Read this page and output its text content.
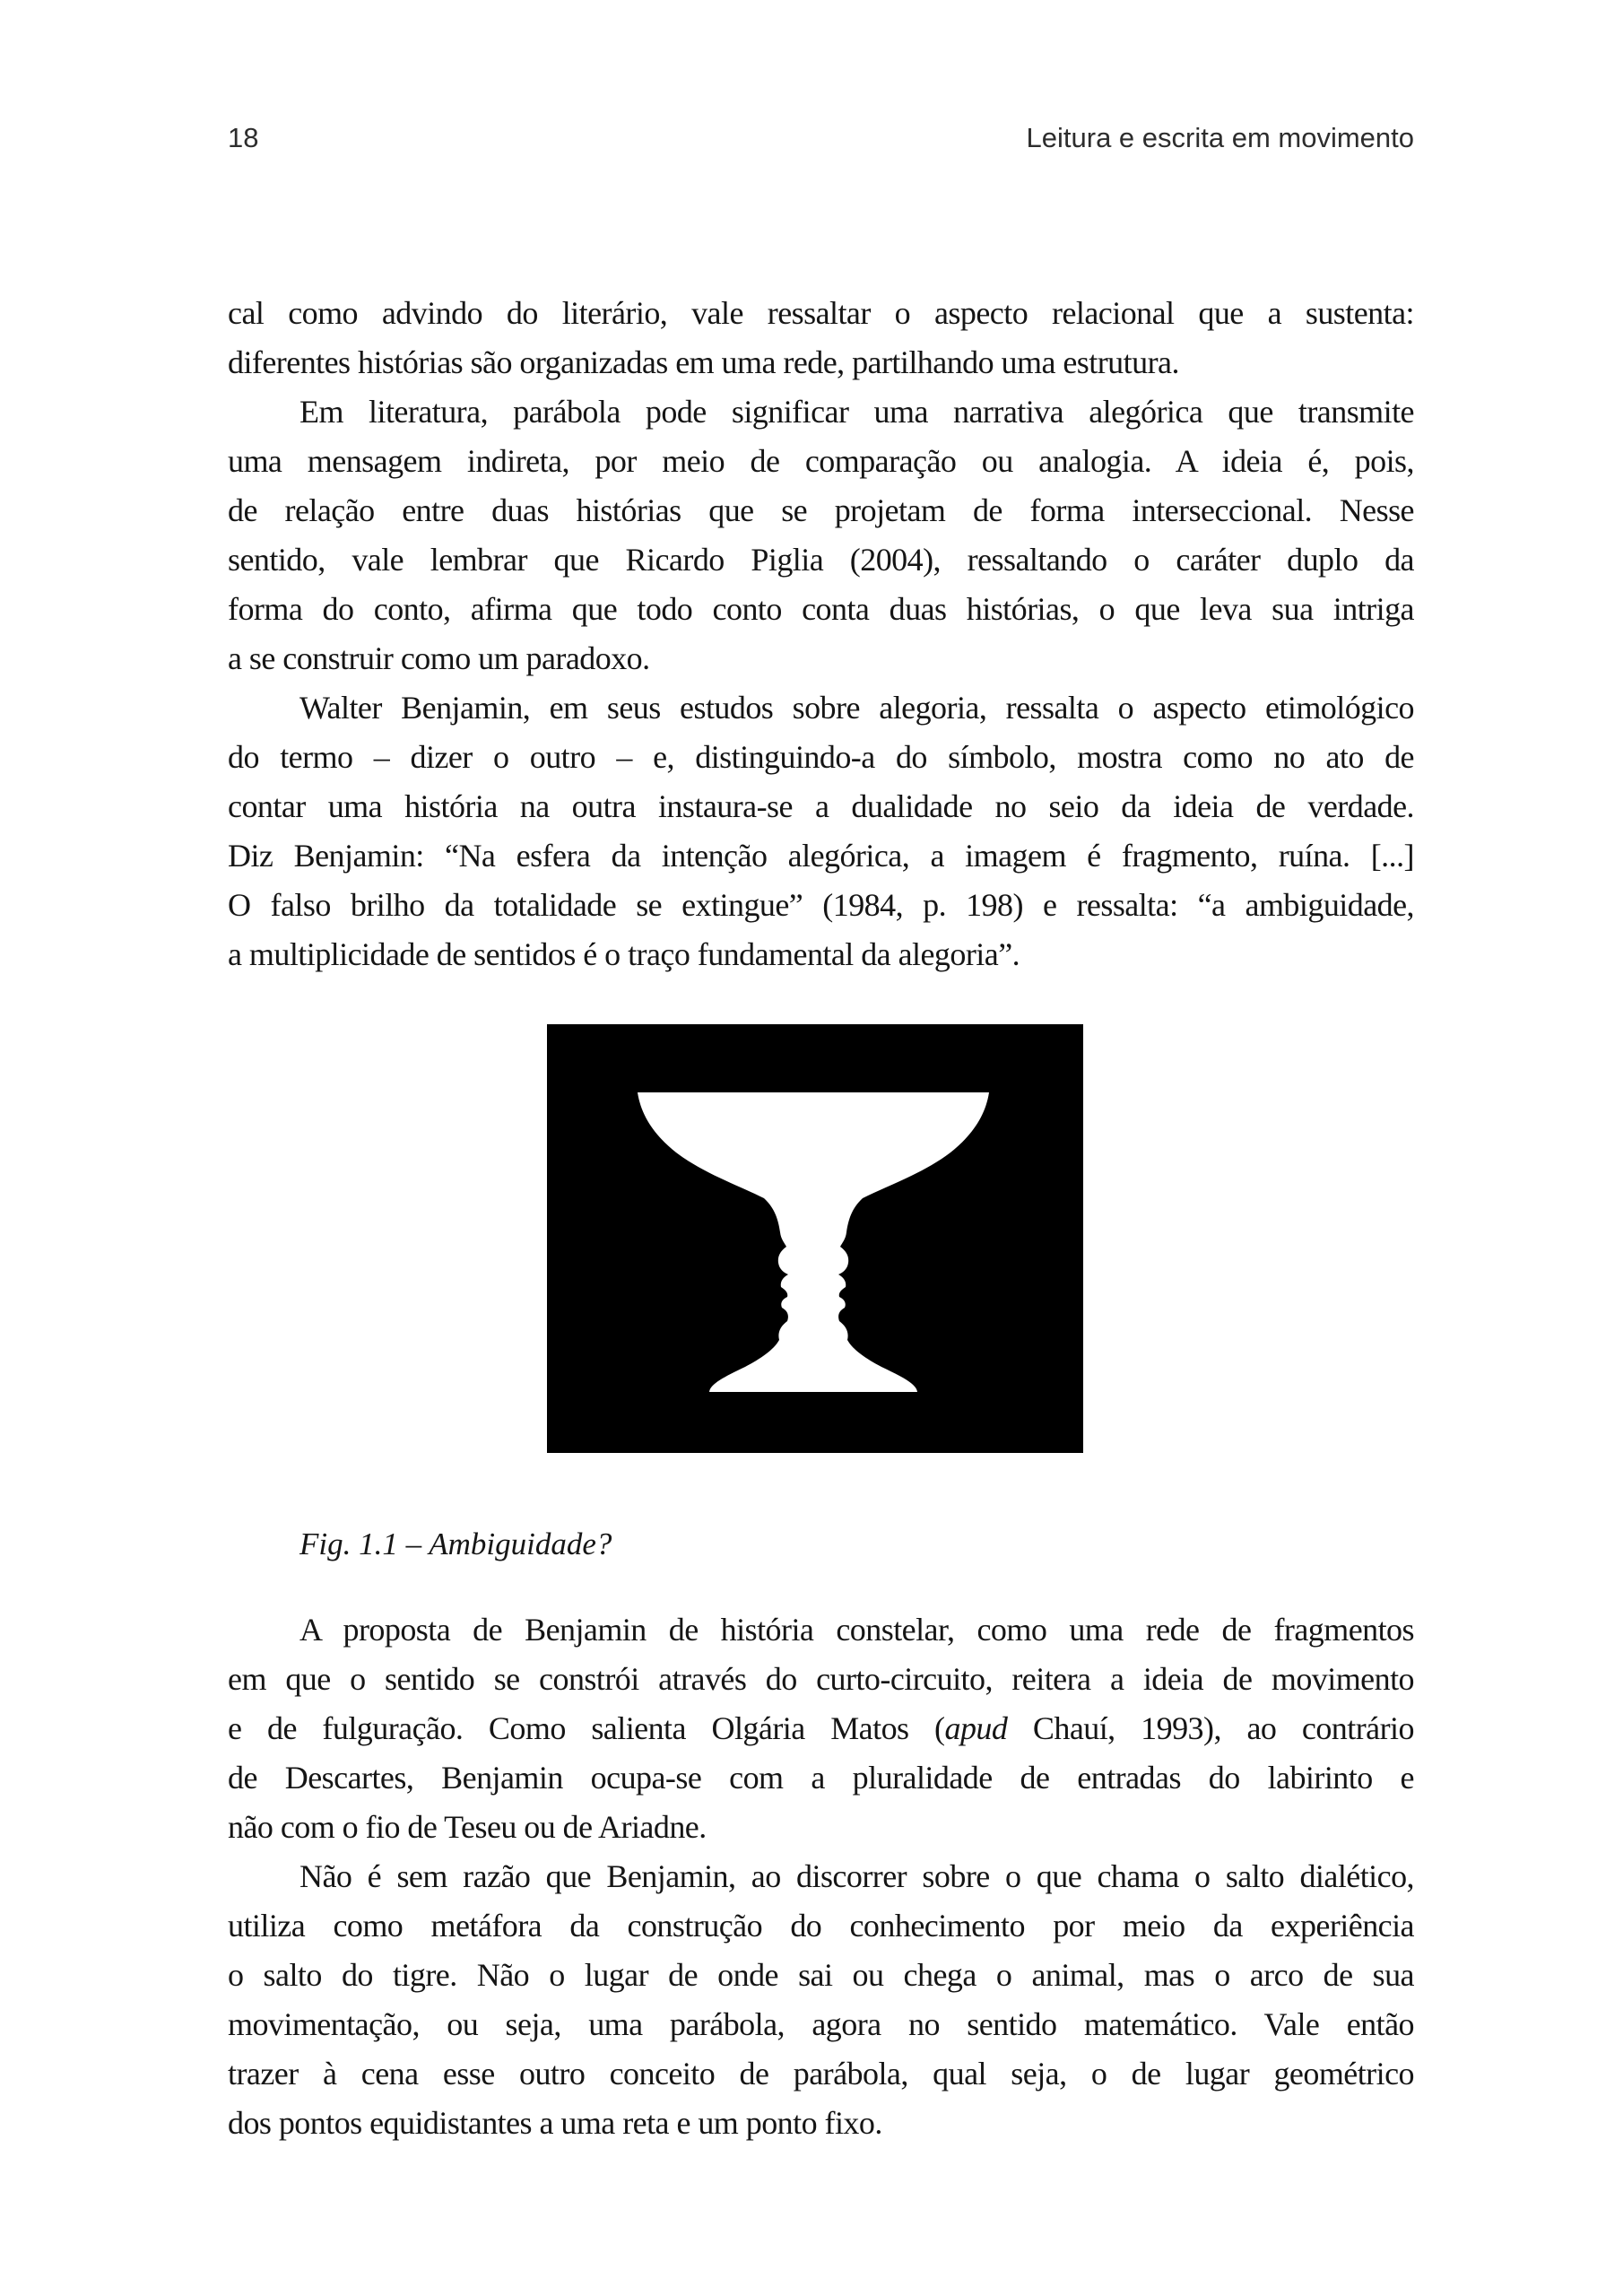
18	Leitura e escrita em movimento
cal como advindo do literário, vale ressaltar o aspecto relacional que a sustenta:
diferentes histórias são organizadas em uma rede, partilhando uma estrutura.
Em literatura, parábola pode significar uma narrativa alegórica que transmite
uma mensagem indireta, por meio de comparação ou analogia. A ideia é, pois,
de relação entre duas histórias que se projetam de forma interseccional. Nesse
sentido, vale lembrar que Ricardo Piglia (2004), ressaltando o caráter duplo da
forma do conto, afirma que todo conto conta duas histórias, o que leva sua intriga
a se construir como um paradoxo.
Walter Benjamin, em seus estudos sobre alegoria, ressalta o aspecto etimológico
do termo – dizer o outro – e, distinguindo-a do símbolo, mostra como no ato de
contar uma história na outra instaura-se a dualidade no seio da ideia de verdade.
Diz Benjamin: “Na esfera da intenção alegórica, a imagem é fragmento, ruína. [...]
O falso brilho da totalidade se extingue” (1984, p. 198) e ressalta: “a ambiguidade,
a multiplicidade de sentidos é o traço fundamental da alegoria”.
Fig. 1.1 – Ambiguidade?
A proposta de Benjamin de história constelar, como uma rede de fragmentos
em que o sentido se constrói através do curto-circuito, reitera a ideia de movimento
e de fulguração. Como salienta Olgária Matos (apud Chauí, 1993), ao contrário
de Descartes, Benjamin ocupa-se com a pluralidade de entradas do labirinto e
não com o fio de Teseu ou de Ariadne.
Não é sem razão que Benjamin, ao discorrer sobre o que chama o salto dialético,
utiliza como metáfora da construção do conhecimento por meio da experiência
o salto do tigre. Não o lugar de onde sai ou chega o animal, mas o arco de sua
movimentação, ou seja, uma parábola, agora no sentido matemático. Vale então
trazer à cena esse outro conceito de parábola, qual seja, o de lugar geométrico
dos pontos equidistantes a uma reta e um ponto fixo.
